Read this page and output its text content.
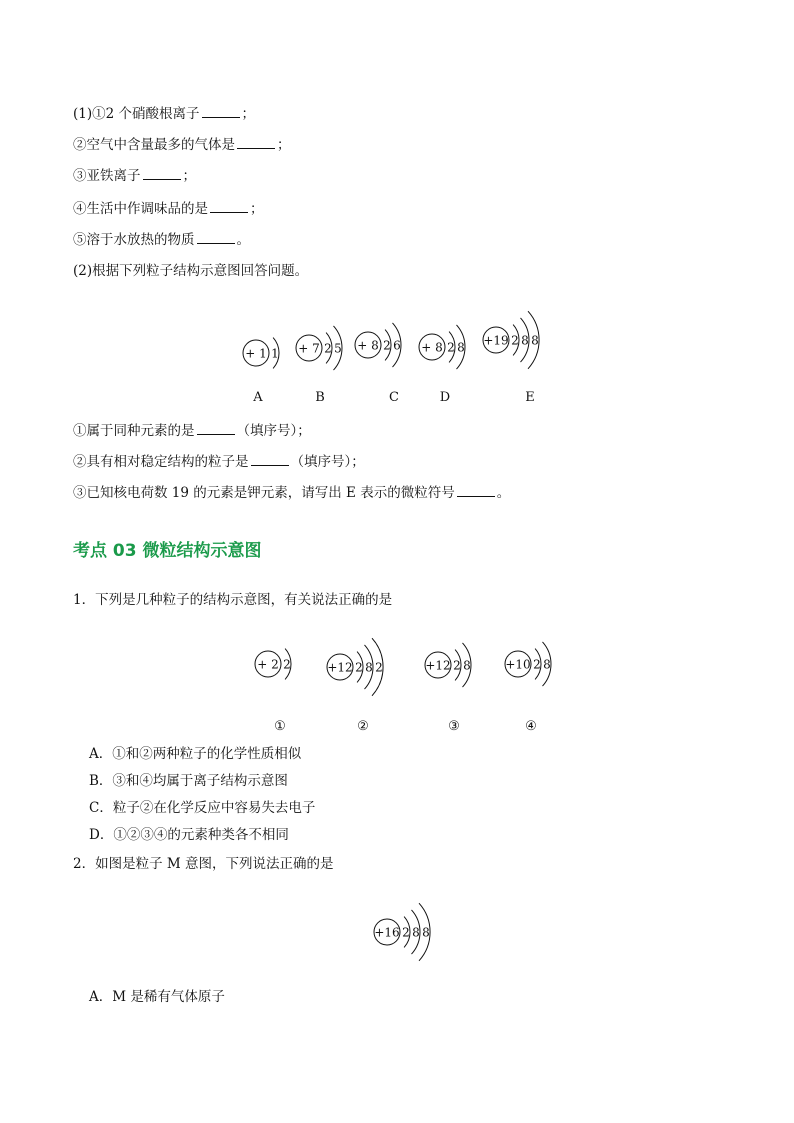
(1)①2 个硝酸根离子	；
②空气中含量最多的气体是	；
③亚铁离子	；
④生活中作调味品的是	；
⑤溶于水放热的物质	。
(2)根据下列粒子结构示意图回答问题。
+ 1 1
A
+ 7 2 5
B
+ 8 2 6
C
+ 8 2 8
D
+19 2 8 8
E
+ 2 2
①
+12 2 8 2
②
+12 2 8
③
+10 2 8
④
+16 2 8 8
①属于同种元素的是	（填序号）；
②具有相对稳定结构的粒子是	（填序号）；
③已知核电荷数 19 的元素是钾元素，请写出 E 表示的微粒符号	。
考点 03 微粒结构示意图
1．下列是几种粒子的结构示意图，有关说法正确的是
A．①和②两种粒子的化学性质相似
B．③和④均属于离子结构示意图
C．粒子②在化学反应中容易失去电子
D．①②③④的元素种类各不相同
2．如图是粒子 M 意图，下列说法正确的是
A．M 是稀有气体原子
